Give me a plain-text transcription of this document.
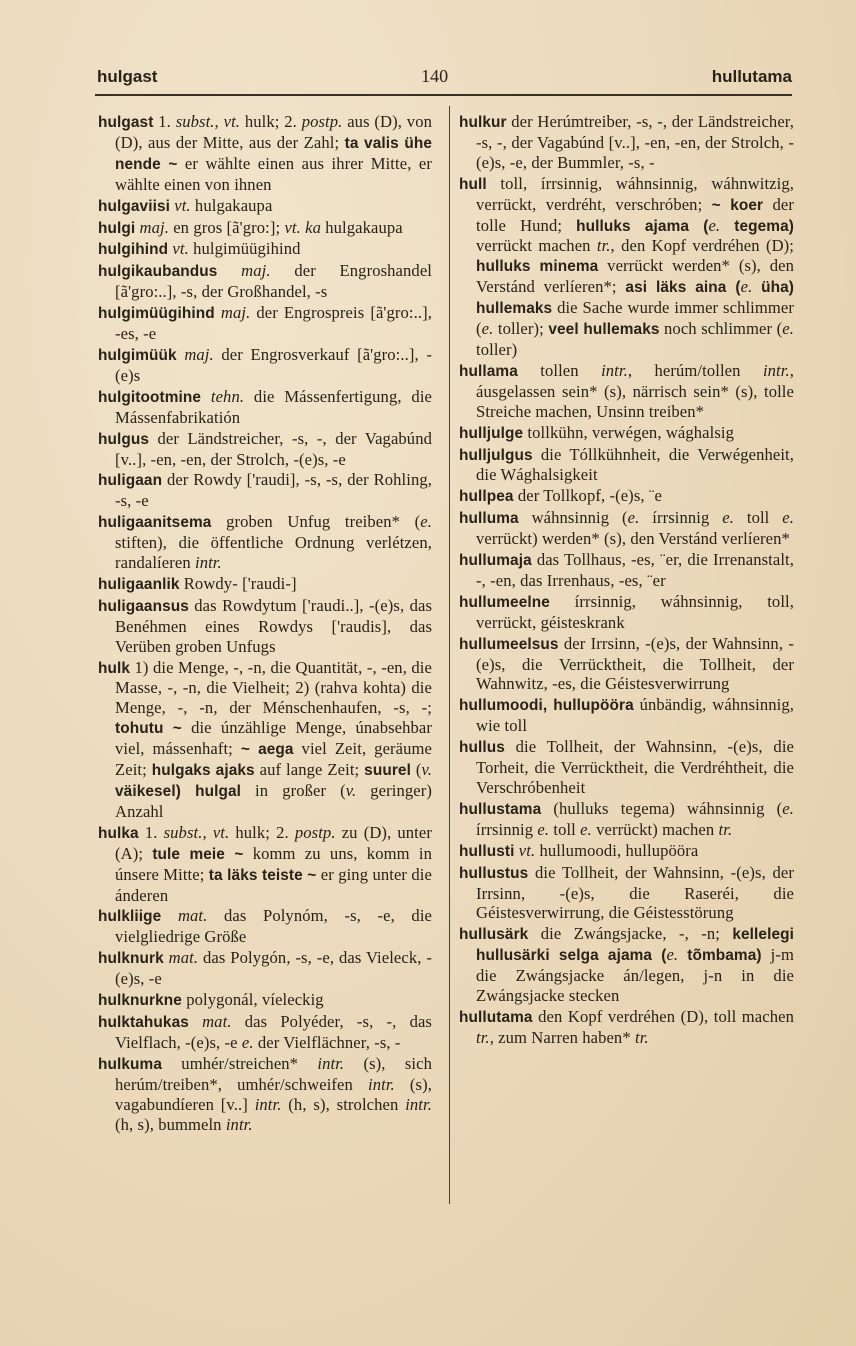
hulgast	140	hullutama

hulgast 1. subst., vt. hulk; 2. postp. aus (D), von (D), aus der Mitte, aus der Zahl; ta valis ühe nende ~ er wählte einen aus ihrer Mitte, er wählte einen von ihnen

hulgaviisi vt. hulgakaupa

hulgi maj. en gros [ã'gro:]; vt. ka hulgakaupa

hulgihind vt. hulgimüügihind

hulgikaubandus maj. der Engroshandel [ã'gro:..], -s, der Großhandel, -s

hulgimüügihind maj. der Engrospreis [ã'gro:..], -es, -e

hulgimüük maj. der Engrosverkauf [ã'gro:..], -(e)s

hulgitootmine tehn. die Mássenfertigung, die Mássenfabrikatión

hulgus der Ländstreicher, -s, -, der Vagabúnd [v..], -en, -en, der Strolch, -(e)s, -e

huligaan der Rowdy ['raudi], -s, -s, der Rohling, -s, -e

huligaanitsema groben Unfug treiben* (e. stiften), die öffentliche Ordnung verlétzen, randalíeren intr.

huligaanlik Rowdy- ['raudi-]

huligaansus das Rowdytum ['raudi..], -(e)s, das Benéhmen eines Rowdys ['raudis], das Verüben groben Unfugs

hulk 1) die Menge, -, -n, die Quantität, -, -en, die Masse, -, -n, die Vielheit; 2) (rahva kohta) die Menge, -, -n, der Ménschenhaufen, -s, -; tohutu ~ die únzählige Menge, únabsehbar viel, mássenhaft; ~ aega viel Zeit, geräume Zeit; hulgaks ajaks auf lange Zeit; suurel (v. väikesel) hulgal in großer (v. geringer) Anzahl

hulka 1. subst., vt. hulk; 2. postp. zu (D), unter (A); tule meie ~ komm zu uns, komm in únsere Mitte; ta läks teiste ~ er ging unter die ánderen

hulkliige mat. das Polynóm, -s, -e, die vielgliedrige Größe

hulknurk mat. das Polygón, -s, -e, das Vieleck, -(e)s, -e

hulknurkne polygonál, víeleckig

hulktahukas mat. das Polyéder, -s, -, das Vielflach, -(e)s, -e e. der Vielflächner, -s, -

hulkuma umhér/streichen* intr. (s), sich herúm/treiben*, umhér/schweifen intr. (s), vagabundíeren [v..] intr. (h, s), strolchen intr. (h, s), bummeln intr.

hulkur der Herúmtreiber, -s, -, der Ländstreicher, -s, -, der Vagabúnd [v..], -en, -en, der Strolch, -(e)s, -e, der Bummler, -s, -

hull toll, írrsinnig, wáhnsinnig, wáhnwitzig, verrückt, verdréht, verschróben; ~ koer der tolle Hund; hulluks ajama (e. tegema) verrückt machen tr., den Kopf verdréhen (D); hulluks minema verrückt werden* (s), den Verstánd verlíeren*; asi läks aina (e. üha) hullemaks die Sache wurde immer schlimmer (e. toller); veel hullemaks noch schlimmer (e. toller)

hullama tollen intr., herúm/tollen intr., áusgelassen sein* (s), närrisch sein* (s), tolle Streiche machen, Unsinn treiben*

hulljulge tollkühn, verwégen, wághalsig

hulljulgus die Tóllkühnheit, die Verwégenheit, die Wághalsigkeit

hullpea der Tollkopf, -(e)s, ¨e

hulluma wáhnsinnig (e. írrsinnig e. toll e. verrückt) werden* (s), den Verstánd verlíeren*

hullumaja das Tollhaus, -es, ¨er, die Irrenanstalt, -, -en, das Irrenhaus, -es, ¨er

hullumeelne írrsinnig, wáhnsinnig, toll, verrückt, géisteskrank

hullumeelsus der Irrsinn, -(e)s, der Wahnsinn, -(e)s, die Verrücktheit, die Tollheit, der Wahnwitz, -es, die Géistesverwirrung

hullumoodi, hullupööra únbändig, wáhnsinnig, wie toll

hullus die Tollheit, der Wahnsinn, -(e)s, die Torheit, die Verrücktheit, die Verdréhtheit, die Verschróbenheit

hullustama (hulluks tegema) wáhnsinnig (e. írrsinnig e. toll e. verrückt) machen tr.

hullusti vt. hullumoodi, hullupööra

hullustus die Tollheit, der Wahnsinn, -(e)s, der Irrsinn, -(e)s, die Raseréi, die Géistesverwirrung, die Géistesstörung

hullusärk die Zwángsjacke, -, -n; kellelegi hullusärki selga ajama (e. tõmbama) j-m die Zwángsjacke án/legen, j-n in die Zwángsjacke stecken

hullutama den Kopf verdréhen (D), toll machen tr., zum Narren haben* tr.
